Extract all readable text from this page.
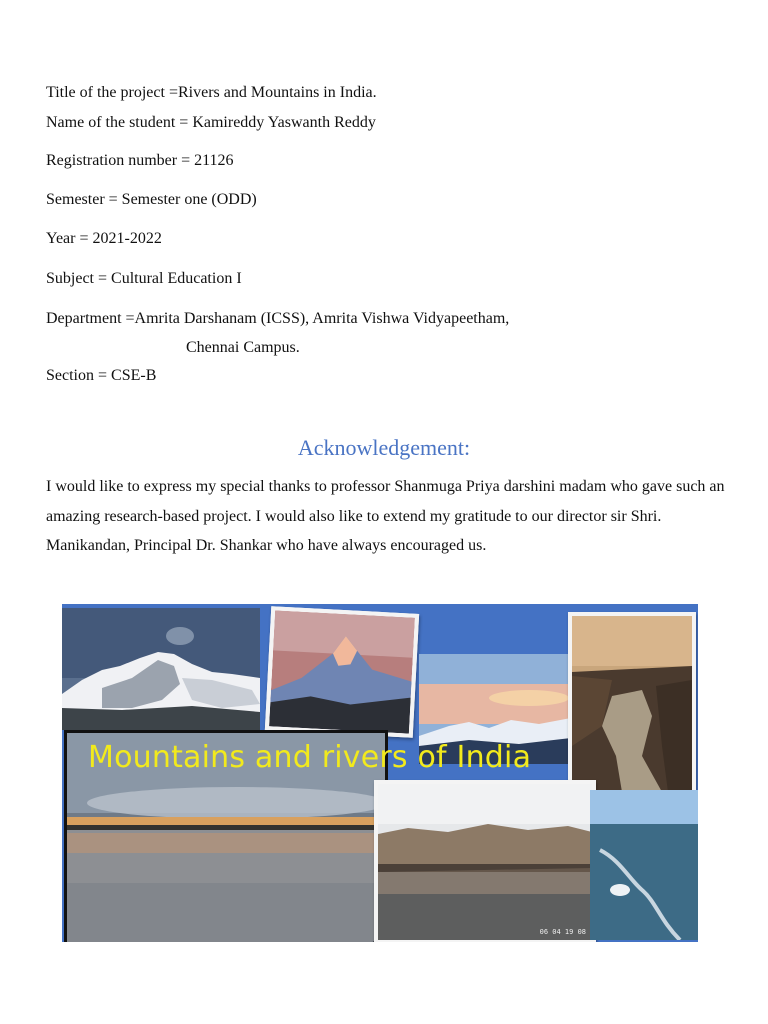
Title of the project =Rivers and Mountains in India.
Name of the student = Kamireddy Yaswanth Reddy
Registration number = 21126
Semester = Semester one (ODD)
Year = 2021-2022
Subject = Cultural Education I
Department =Amrita Darshanam (ICSS), Amrita Vishwa Vidyapeetham,
Chennai Campus.
Section = CSE-B
Acknowledgement:
I would like to express my special thanks to professor Shanmuga Priya darshini madam who gave such an amazing research-based project. I would also like to extend my gratitude to our director sir Shri. Manikandan, Principal Dr. Shankar who have always encouraged us.
06 04 19 08
Mountains and rivers of India
